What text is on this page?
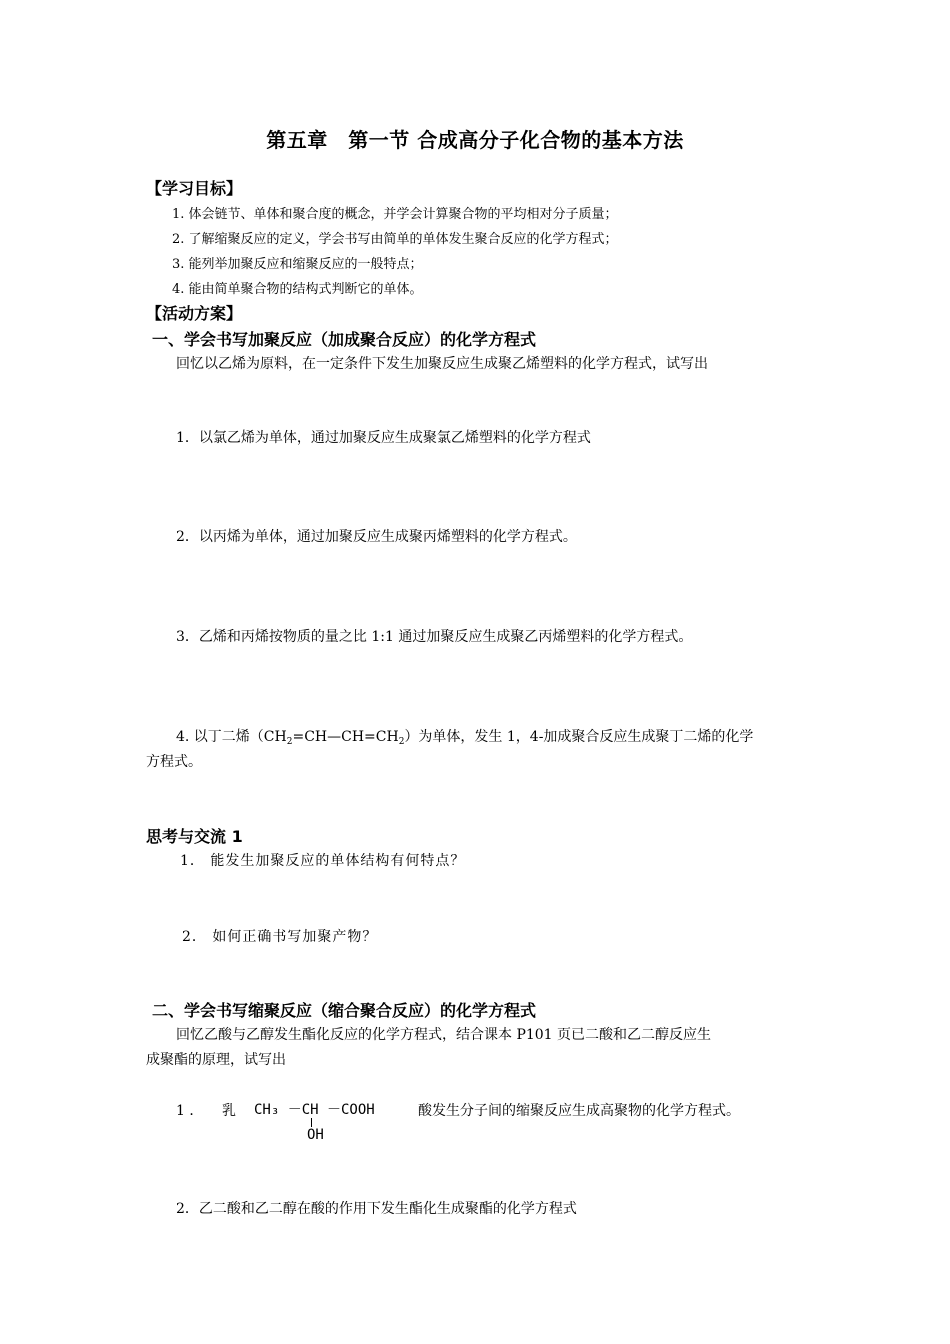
第五章　第一节 合成高分子化合物的基本方法
【学习目标】
1. 体会链节、单体和聚合度的概念，并学会计算聚合物的平均相对分子质量；
2. 了解缩聚反应的定义，学会书写由简单的单体发生聚合反应的化学方程式；
3. 能列举加聚反应和缩聚反应的一般特点；
4. 能由简单聚合物的结构式判断它的单体。
【活动方案】
一、学会书写加聚反应（加成聚合反应）的化学方程式
回忆以乙烯为原料，在一定条件下发生加聚反应生成聚乙烯塑料的化学方程式，试写出
1．以氯乙烯为单体，通过加聚反应生成聚氯乙烯塑料的化学方程式
2．以丙烯为单体，通过加聚反应生成聚丙烯塑料的化学方程式。
3．乙烯和丙烯按物质的量之比 1:1 通过加聚反应生成聚乙丙烯塑料的化学方程式。
4. 以丁二烯$(CH_2=CH—CH=CH_2)$为单体，发生 1，4-加成聚合反应生成聚丁二烯的化学
方程式。
思考与交流 1
1． 能发生加聚反应的单体结构有何特点？
2． 如何正确书写加聚产物？
二、学会书写缩聚反应（缩合聚合反应）的化学方程式
回忆乙酸与乙醇发生酯化反应的化学方程式，结合课本 P101 页已二酸和乙二醇反应生
成聚酯的原理，试写出
1 ． 乳 CH₃ －CH －COOH
OH
酸发生分子间的缩聚反应生成高聚物的化学方程式。
2．乙二酸和乙二醇在酸的作用下发生酯化生成聚酯的化学方程式
